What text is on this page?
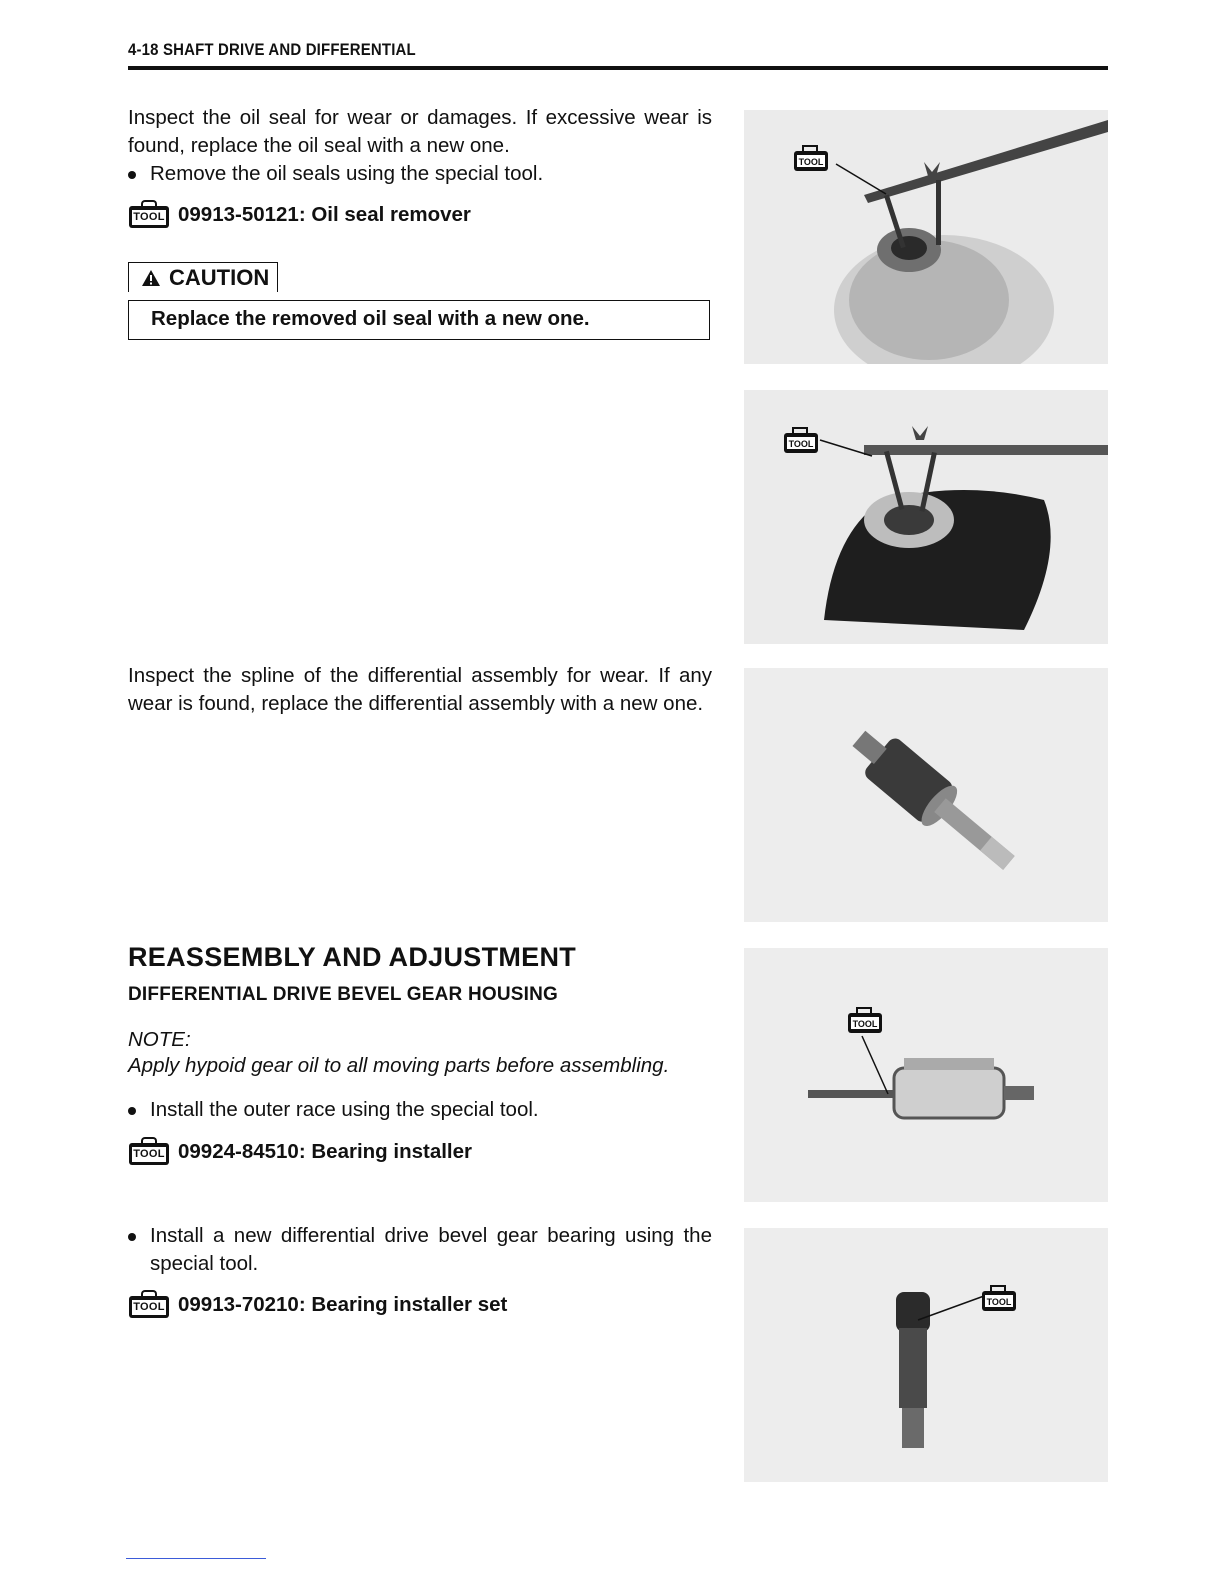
4-18 SHAFT DRIVE AND DIFFERENTIAL
Inspect the oil seal for wear or damages. If excessive wear is found, replace the oil seal with a new one.
Remove the oil seals using the special tool.
TOOL 09913-50121: Oil seal remover
CAUTION
Replace the removed oil seal with a new one.
TOOL
TOOL
Inspect the spline of the differential assembly for wear. If any wear is found, replace the differential assembly with a new one.
REASSEMBLY AND ADJUSTMENT
DIFFERENTIAL DRIVE BEVEL GEAR HOUSING
NOTE:
Apply hypoid gear oil to all moving parts before assembling.
Install the outer race using the special tool.
TOOL 09924-84510: Bearing installer
Install a new differential drive bevel gear bearing using the special tool.
TOOL 09913-70210: Bearing installer set
TOOL
TOOL
